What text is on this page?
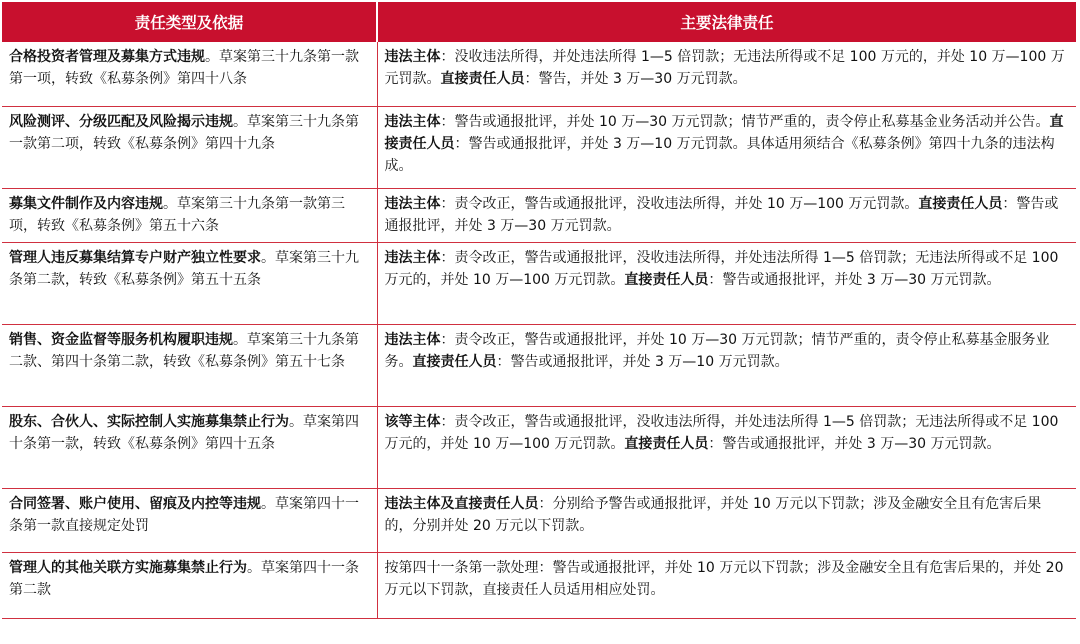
责任类型及依据	主要法律责任
合格投资者管理及募集方式违规。草案第三十九条第一款第一项，转致《私募条例》第四十八条	违法主体：没收违法所得，并处违法所得 1—5 倍罚款；无违法所得或不足 100 万元的，并处 10 万—100 万元罚款。直接责任人员：警告，并处 3 万—30 万元罚款。
风险测评、分级匹配及风险揭示违规。草案第三十九条第一款第二项，转致《私募条例》第四十九条	违法主体：警告或通报批评，并处 10 万—30 万元罚款；情节严重的，责令停止私募基金业务活动并公告。直接责任人员：警告或通报批评，并处 3 万—10 万元罚款。具体适用须结合《私募条例》第四十九条的违法构成。
募集文件制作及内容违规。草案第三十九条第一款第三项，转致《私募条例》第五十六条	违法主体：责令改正，警告或通报批评，没收违法所得，并处 10 万—100 万元罚款。直接责任人员：警告或通报批评，并处 3 万—30 万元罚款。
管理人违反募集结算专户财产独立性要求。草案第三十九条第二款，转致《私募条例》第五十五条	违法主体：责令改正，警告或通报批评，没收违法所得，并处违法所得 1—5 倍罚款；无违法所得或不足 100 万元的，并处 10 万—100 万元罚款。直接责任人员：警告或通报批评，并处 3 万—30 万元罚款。
销售、资金监督等服务机构履职违规。草案第三十九条第二款、第四十条第二款，转致《私募条例》第五十七条	违法主体：责令改正，警告或通报批评，并处 10 万—30 万元罚款；情节严重的，责令停止私募基金服务业务。直接责任人员：警告或通报批评，并处 3 万—10 万元罚款。
股东、合伙人、实际控制人实施募集禁止行为。草案第四十条第一款，转致《私募条例》第四十五条	该等主体：责令改正，警告或通报批评，没收违法所得，并处违法所得 1—5 倍罚款；无违法所得或不足 100 万元的，并处 10 万—100 万元罚款。直接责任人员：警告或通报批评，并处 3 万—30 万元罚款。
合同签署、账户使用、留痕及内控等违规。草案第四十一条第一款直接规定处罚	违法主体及直接责任人员：分别给予警告或通报批评，并处 10 万元以下罚款；涉及金融安全且有危害后果的，分别并处 20 万元以下罚款。
管理人的其他关联方实施募集禁止行为。草案第四十一条第二款	按第四十一条第一款处理：警告或通报批评，并处 10 万元以下罚款；涉及金融安全且有危害后果的，并处 20 万元以下罚款，直接责任人员适用相应处罚。
